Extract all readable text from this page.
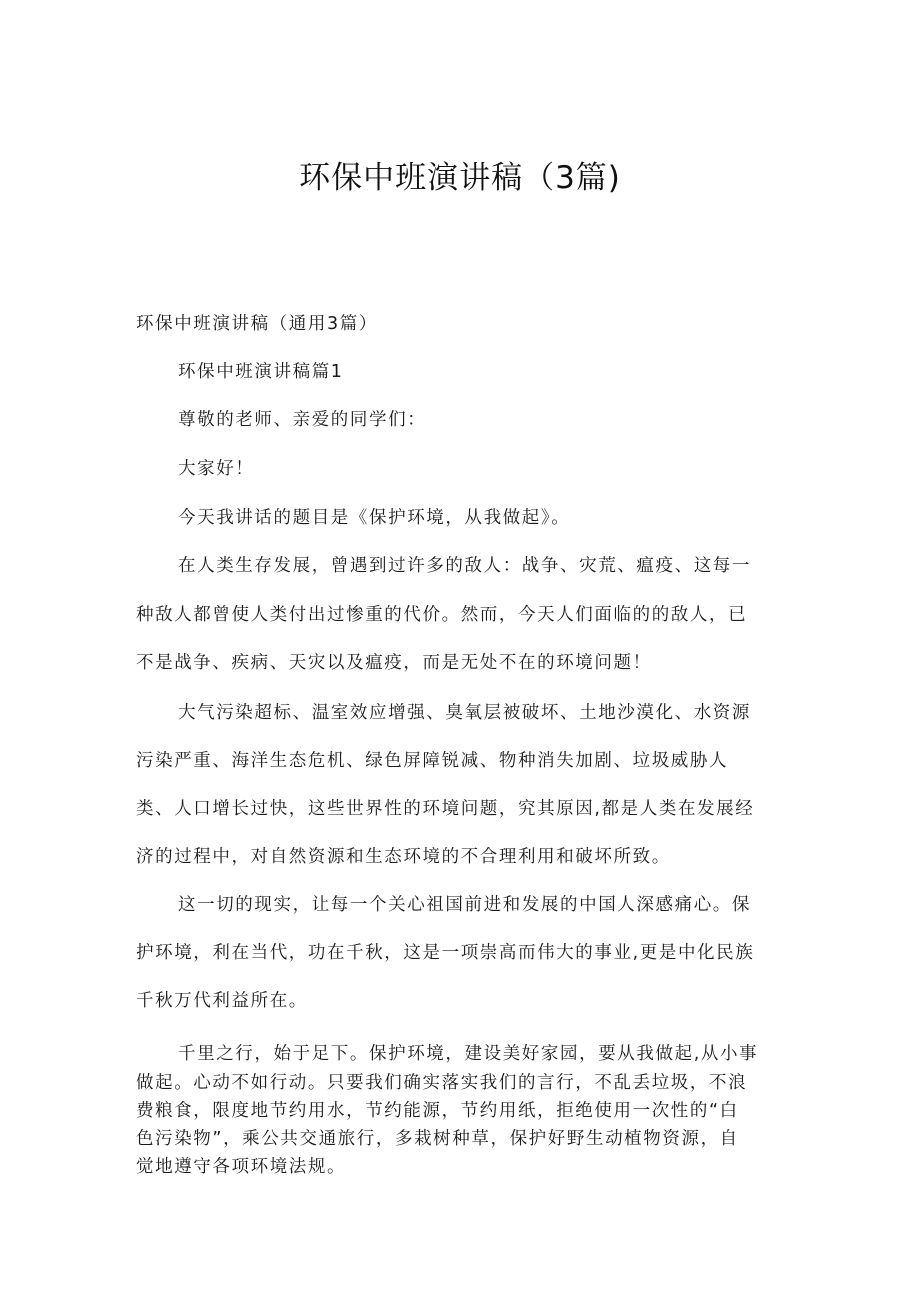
环保中班演讲稿（3篇)
环保中班演讲稿（通用3篇）
环保中班演讲稿篇1
尊敬的老师、亲爱的同学们：
大家好！
今天我讲话的题目是《保护环境，从我做起》。
在人类生存发展，曾遇到过许多的敌人：战争、灾荒、瘟疫、这每一
种敌人都曾使人类付出过惨重的代价。然而，今天人们面临的的敌人，已
不是战争、疾病、天灾以及瘟疫，而是无处不在的环境问题！
大气污染超标、温室效应增强、臭氧层被破坏、土地沙漠化、水资源
污染严重、海洋生态危机、绿色屏障锐减、物种消失加剧、垃圾威胁人
类、人口增长过快，这些世界性的环境问题，究其原因,都是人类在发展经
济的过程中，对自然资源和生态环境的不合理利用和破坏所致。
这一切的现实，让每一个关心祖国前进和发展的中国人深感痛心。保
护环境，利在当代，功在千秋，这是一项崇高而伟大的事业,更是中化民族
千秋万代利益所在。
千里之行，始于足下。保护环境，建设美好家园，要从我做起,从小事
做起。心动不如行动。只要我们确实落实我们的言行，不乱丢垃圾，不浪
费粮食，限度地节约用水，节约能源，节约用纸，拒绝使用一次性的“白
色污染物”，乘公共交通旅行，多栽树种草，保护好野生动植物资源，自
觉地遵守各项环境法规。
